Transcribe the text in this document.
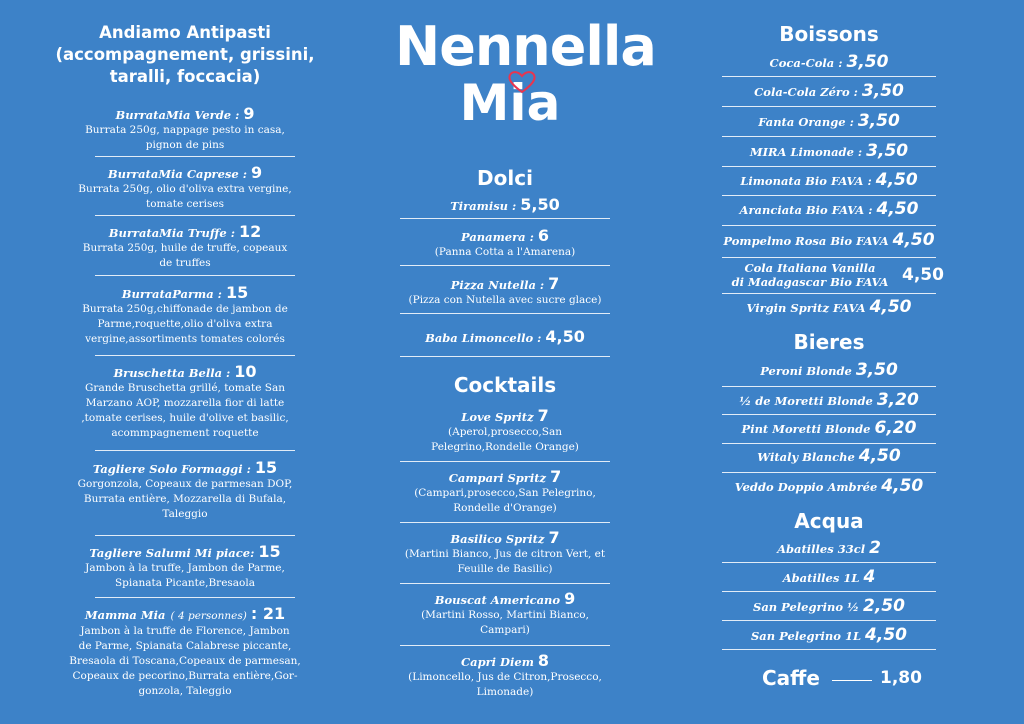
Andiamo Antipasti
(accompagnement, grissini,
taralli, foccacia)
BurrataMia Verde : 9
Burrata 250g, nappage pesto in casa,
pignon de pins
BurrataMia Caprese : 9
Burrata 250g, olio d'oliva extra vergine,
tomate cerises
BurrataMia Truffe : 12
Burrata 250g, huile de truffe, copeaux
de truffes
BurrataParma : 15
Burrata 250g,chiffonade de jambon de
Parme,roquette,olio d'oliva extra
vergine,assortiments tomates colorés
Bruschetta Bella : 10
Grande Bruschetta grillé, tomate San
Marzano AOP, mozzarella fior di latte
,tomate cerises, huile d'olive et basilic,
acommpagnement roquette
Tagliere Solo Formaggi : 15
Gorgonzola, Copeaux de parmesan DOP,
Burrata entière, Mozzarella di Bufala,
Taleggio
Tagliere Salumi Mi piace: 15
Jambon à la truffe, Jambon de Parme,
Spianata Picante,Bresaola
Mamma Mia ( 4 personnes) : 21
Jambon à la truffe de Florence, Jambon
de Parme, Spianata Calabrese piccante,
Bresaola di Toscana,Copeaux de parmesan,
Copeaux de pecorino,Burrata entière,Gor-
gonzola, Taleggio
Nennella
Mia
Dolci
Tiramisu : 5,50
Panamera : 6
(Panna Cotta a l'Amarena)
Pizza Nutella : 7
(Pizza con Nutella avec sucre glace)
Baba Limoncello : 4,50
Cocktails
Love Spritz 7
(Aperol,prosecco,San
Pelegrino,Rondelle Orange)
Campari Spritz 7
(Campari,prosecco,San Pelegrino,
Rondelle d'Orange)
Basilico Spritz 7
(Martini Bianco, Jus de citron Vert, et
Feuille de Basilic)
Bouscat Americano 9
(Martini Rosso, Martini Bianco,
Campari)
Capri Diem 8
(Limoncello, Jus de Citron,Prosecco,
Limonade)
Boissons
Coca-Cola : 3,50
Cola-Cola Zéro : 3,50
Fanta Orange : 3,50
MIRA Limonade : 3,50
Limonata Bio FAVA : 4,50
Aranciata Bio FAVA : 4,50
Pompelmo Rosa Bio FAVA 4,50
Cola Italiana Vanilla
di Madagascar Bio FAVA 4,50
Virgin Spritz FAVA 4,50
Bieres
Peroni Blonde 3,50
½ de Moretti Blonde 3,20
Pint Moretti Blonde 6,20
Witaly Blanche 4,50
Veddo Doppio Ambrée 4,50
Acqua
Abatilles 33cl 2
Abatilles 1L 4
San Pelegrino ½ 2,50
San Pelegrino 1L 4,50
Caffe	1,80
